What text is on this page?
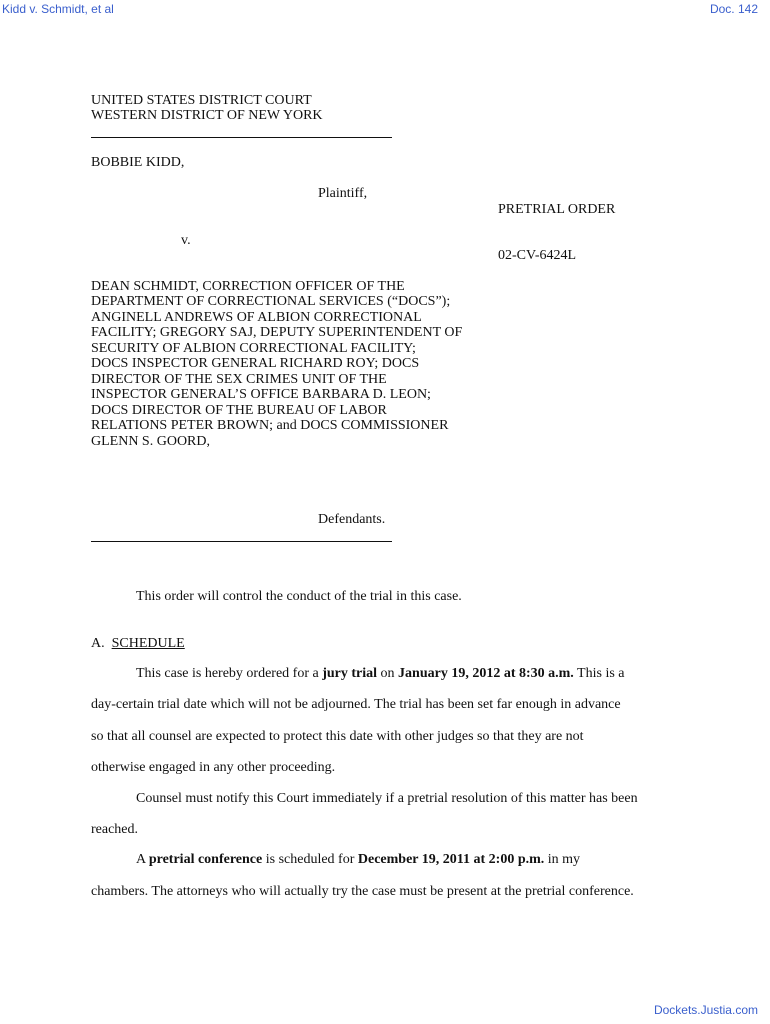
Kidd v. Schmidt, et al	Doc. 142
UNITED STATES DISTRICT COURT
WESTERN DISTRICT OF NEW YORK
BOBBIE KIDD,
Plaintiff,
PRETRIAL ORDER
v.
02-CV-6424L
DEAN SCHMIDT, CORRECTION OFFICER OF THE
DEPARTMENT OF CORRECTIONAL SERVICES (“DOCS”);
ANGINELL ANDREWS OF ALBION CORRECTIONAL
FACILITY; GREGORY SAJ, DEPUTY SUPERINTENDENT OF
SECURITY OF ALBION CORRECTIONAL FACILITY;
DOCS INSPECTOR GENERAL RICHARD ROY; DOCS
DIRECTOR OF THE SEX CRIMES UNIT OF THE
INSPECTOR GENERAL’S OFFICE BARBARA D. LEON;
DOCS DIRECTOR OF THE BUREAU OF LABOR
RELATIONS PETER BROWN; and DOCS COMMISSIONER
GLENN S. GOORD,
Defendants.
This order will control the conduct of the trial in this case.
A. SCHEDULE
This case is hereby ordered for a jury trial on January 19, 2012 at 8:30 a.m. This is a
day-certain trial date which will not be adjourned. The trial has been set far enough in advance
so that all counsel are expected to protect this date with other judges so that they are not
otherwise engaged in any other proceeding.
Counsel must notify this Court immediately if a pretrial resolution of this matter has been
reached.
A pretrial conference is scheduled for December 19, 2011 at 2:00 p.m. in my
chambers. The attorneys who will actually try the case must be present at the pretrial conference.
Dockets.Justia.com
